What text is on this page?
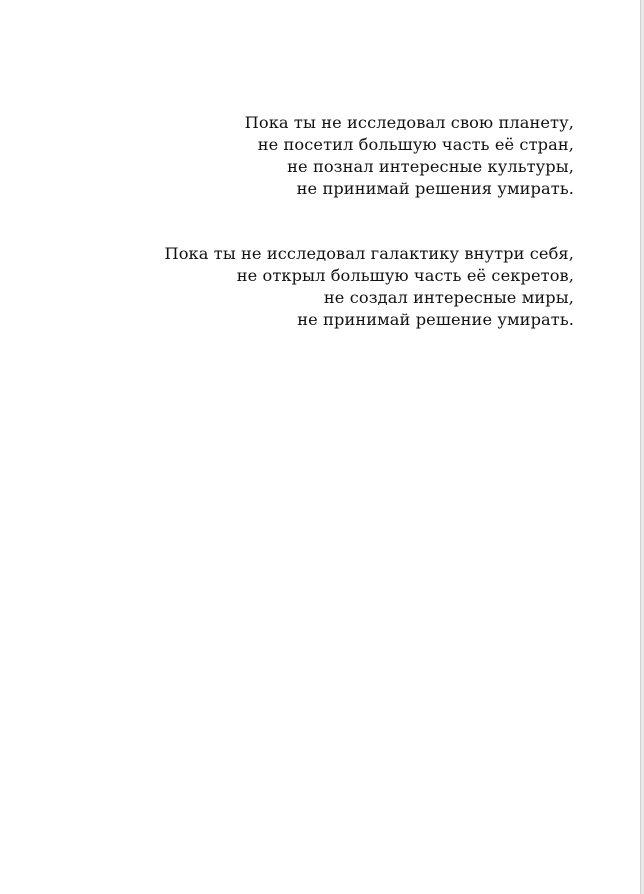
Пока ты не исследовал свою планету,
не посетил большую часть её стран,
не познал интересные культуры,
не принимай решения умирать.
Пока ты не исследовал галактику внутри себя,
не открыл большую часть её секретов,
не создал интересные миры,
не принимай решение умирать.
